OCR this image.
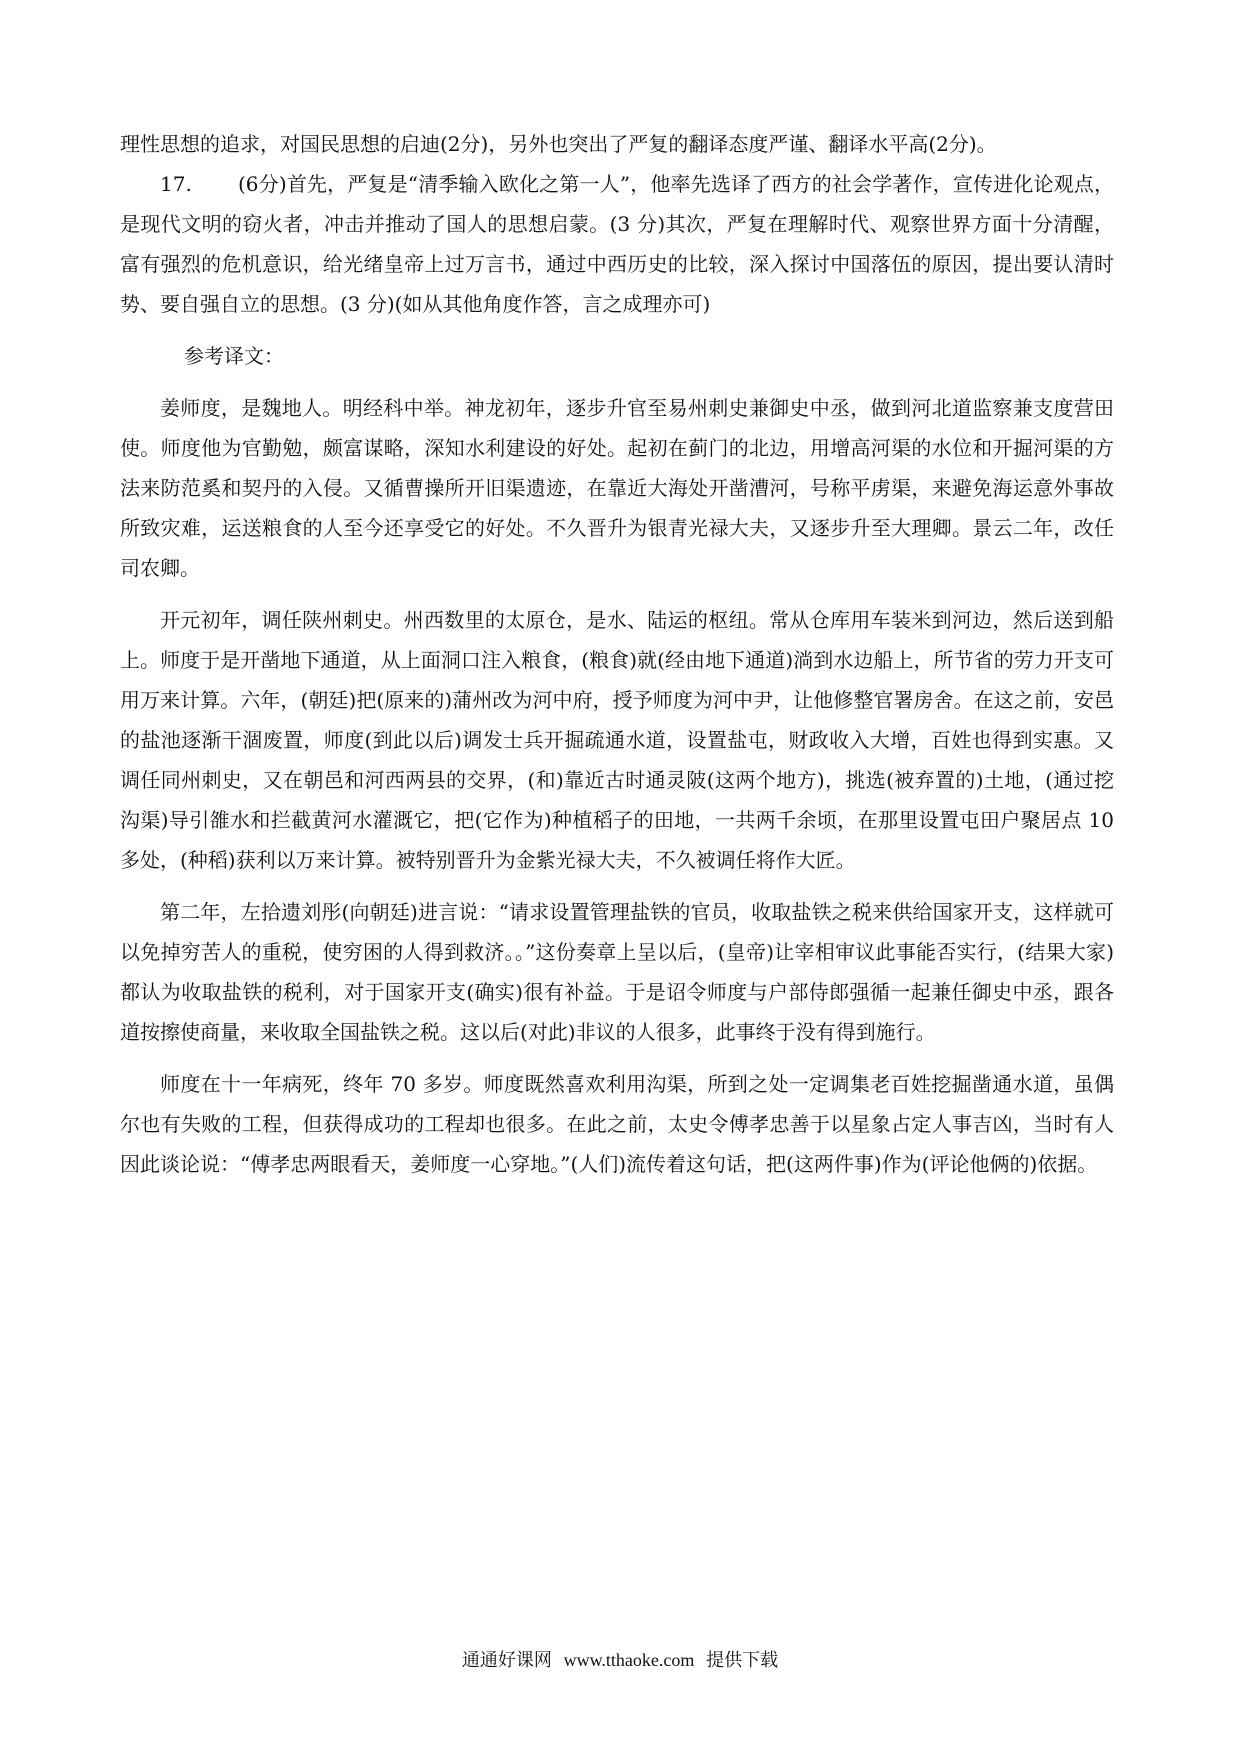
理性思想的追求，对国民思想的启迪(2分)，另外也突出了严复的翻译态度严谨、翻译水平高(2分)。

17. (6分)首先，严复是“清季输入欧化之第一人”，他率先选译了西方的社会学著作，宣传进化论观点，是现代文明的窃火者，冲击并推动了国人的思想启蒙。(3 分)其次，严复在理解时代、观察世界方面十分清醒，富有强烈的危机意识，给光绪皇帝上过万言书，通过中西历史的比较，深入探讨中国落伍的原因，提出要认清时势、要自强自立的思想。(3 分)(如从其他角度作答，言之成理亦可)

参考译文：

姜师度，是魏地人。明经科中举。神龙初年，逐步升官至易州刺史兼御史中丞，做到河北道监察兼支度营田使。师度他为官勤勉，颇富谋略，深知水利建设的好处。起初在蓟门的北边，用增高河渠的水位和开掘河渠的方法来防范奚和契丹的入侵。又循曹操所开旧渠遗迹，在靠近大海处开凿漕河，号称平虏渠，来避免海运意外事故所致灾难，运送粮食的人至今还享受它的好处。不久晋升为银青光禄大夫，又逐步升至大理卿。景云二年，改任司农卿。

开元初年，调任陕州刺史。州西数里的太原仓，是水、陆运的枢纽。常从仓库用车装米到河边，然后送到船上。师度于是开凿地下通道，从上面洞口注入粮食，(粮食)就(经由地下通道)淌到水边船上，所节省的劳力开支可用万来计算。六年，(朝廷)把(原来的)蒲州改为河中府，授予师度为河中尹，让他修整官署房舍。在这之前，安邑的盐池逐渐干涸废置，师度(到此以后)调发士兵开掘疏通水道，设置盐屯，财政收入大增，百姓也得到实惠。又调任同州刺史，又在朝邑和河西两县的交界，(和)靠近古时通灵陂(这两个地方)，挑选(被弃置的)土地，(通过挖沟渠)导引雒水和拦截黄河水灌溉它，把(它作为)种植稻子的田地，一共两千余顷，在那里设置屯田户聚居点 10 多处，(种稻)获利以万来计算。被特别晋升为金紫光禄大夫，不久被调任将作大匠。

第二年，左拾遗刘彤(向朝廷)进言说：“请求设置管理盐铁的官员，收取盐铁之税来供给国家开支，这样就可以免掉穷苦人的重税，使穷困的人得到救济。。”这份奏章上呈以后，(皇帝)让宰相审议此事能否实行，(结果大家)都认为收取盐铁的税利，对于国家开支(确实)很有补益。于是诏令师度与户部侍郎强循一起兼任御史中丞，跟各道按擦使商量，来收取全国盐铁之税。这以后(对此)非议的人很多，此事终于没有得到施行。

师度在十一年病死，终年 70 多岁。师度既然喜欢利用沟渠，所到之处一定调集老百姓挖掘凿通水道，虽偶尔也有失败的工程，但获得成功的工程却也很多。在此之前，太史令傅孝忠善于以星象占定人事吉凶，当时有人因此谈论说：“傅孝忠两眼看天，姜师度一心穿地。”(人们)流传着这句话，把(这两件事)作为(评论他俩的)依据。

通通好课网 www.tthaoke.com 提供下载
